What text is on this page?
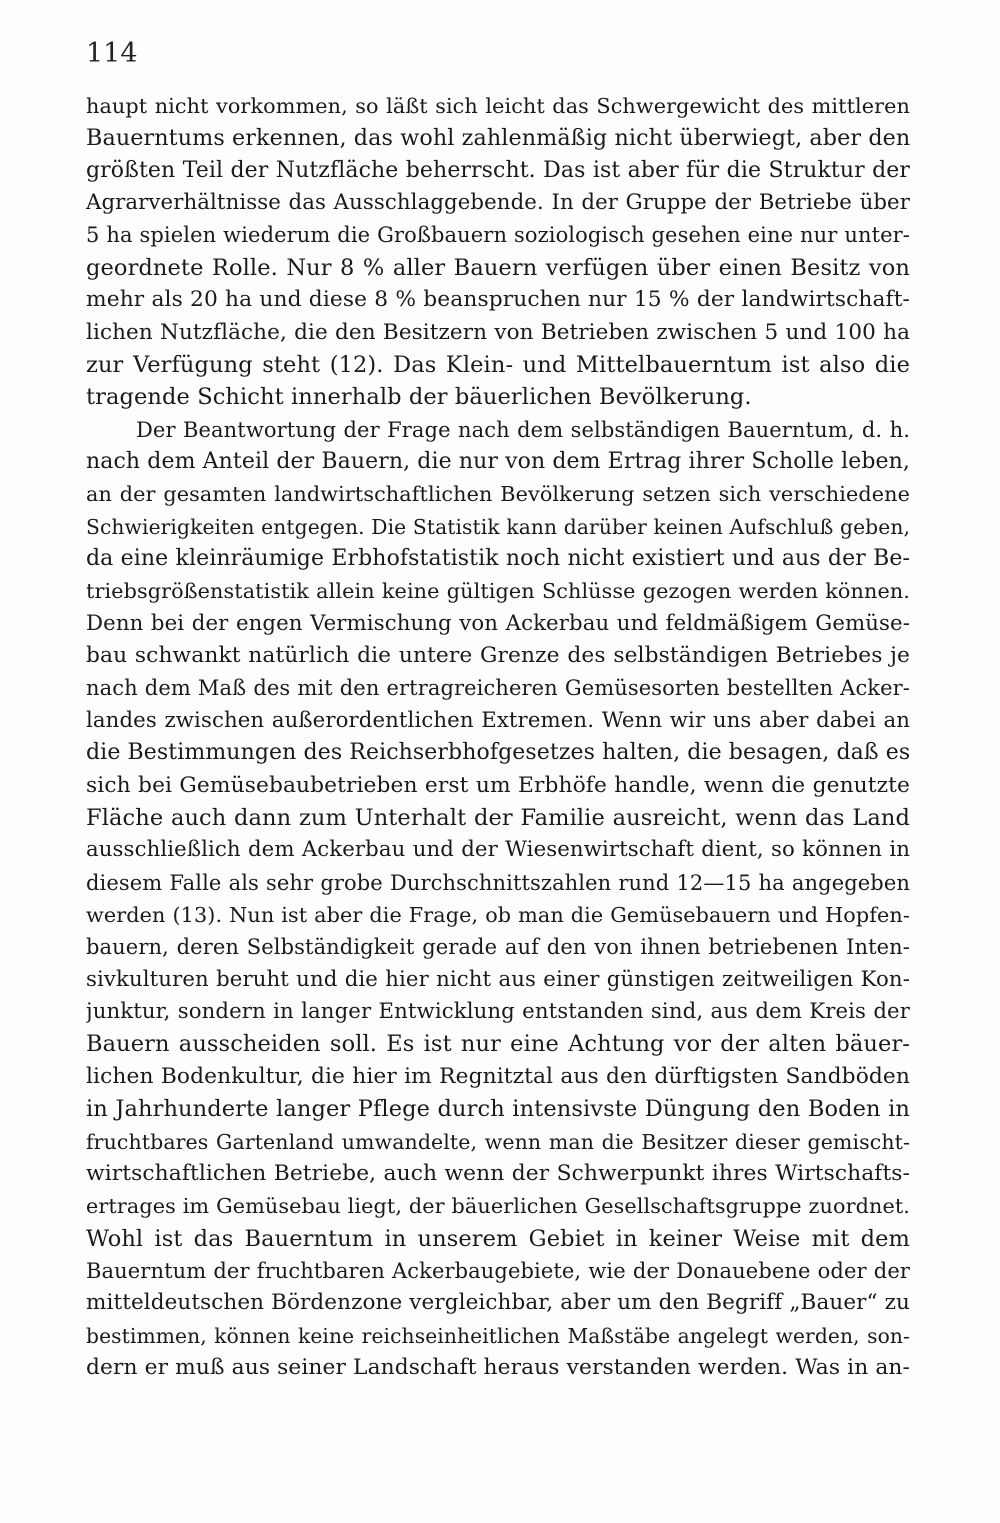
114

haupt nicht vorkommen, so läßt sich leicht das Schwergewicht des mittleren
Bauerntums erkennen, das wohl zahlenmäßig nicht überwiegt, aber den
größten Teil der Nutzfläche beherrscht. Das ist aber für die Struktur der
Agrarverhältnisse das Ausschlaggebende. In der Gruppe der Betriebe über
5 ha spielen wiederum die Großbauern soziologisch gesehen eine nur unter-
geordnete Rolle. Nur 8 % aller Bauern verfügen über einen Besitz von
mehr als 20 ha und diese 8 % beanspruchen nur 15 % der landwirtschaft-
lichen Nutzfläche, die den Besitzern von Betrieben zwischen 5 und 100 ha
zur Verfügung steht (12). Das Klein- und Mittelbauerntum ist also die
tragende Schicht innerhalb der bäuerlichen Bevölkerung.
Der Beantwortung der Frage nach dem selbständigen Bauerntum, d. h.
nach dem Anteil der Bauern, die nur von dem Ertrag ihrer Scholle leben,
an der gesamten landwirtschaftlichen Bevölkerung setzen sich verschiedene
Schwierigkeiten entgegen. Die Statistik kann darüber keinen Aufschluß geben,
da eine kleinräumige Erbhofstatistik noch nicht existiert und aus der Be-
triebsgrößenstatistik allein keine gültigen Schlüsse gezogen werden können.
Denn bei der engen Vermischung von Ackerbau und feldmäßigem Gemüse-
bau schwankt natürlich die untere Grenze des selbständigen Betriebes je
nach dem Maß des mit den ertragreicheren Gemüsesorten bestellten Acker-
landes zwischen außerordentlichen Extremen. Wenn wir uns aber dabei an
die Bestimmungen des Reichserbhofgesetzes halten, die besagen, daß es
sich bei Gemüsebaubetrieben erst um Erbhöfe handle, wenn die genutzte
Fläche auch dann zum Unterhalt der Familie ausreicht, wenn das Land
ausschließlich dem Ackerbau und der Wiesenwirtschaft dient, so können in
diesem Falle als sehr grobe Durchschnittszahlen rund 12—15 ha angegeben
werden (13). Nun ist aber die Frage, ob man die Gemüsebauern und Hopfen-
bauern, deren Selbständigkeit gerade auf den von ihnen betriebenen Inten-
sivkulturen beruht und die hier nicht aus einer günstigen zeitweiligen Kon-
junktur, sondern in langer Entwicklung entstanden sind, aus dem Kreis der
Bauern ausscheiden soll. Es ist nur eine Achtung vor der alten bäuer-
lichen Bodenkultur, die hier im Regnitztal aus den dürftigsten Sandböden
in Jahrhunderte langer Pflege durch intensivste Düngung den Boden in
fruchtbares Gartenland umwandelte, wenn man die Besitzer dieser gemischt-
wirtschaftlichen Betriebe, auch wenn der Schwerpunkt ihres Wirtschafts-
ertrages im Gemüsebau liegt, der bäuerlichen Gesellschaftsgruppe zuordnet.
Wohl ist das Bauerntum in unserem Gebiet in keiner Weise mit dem
Bauerntum der fruchtbaren Ackerbaugebiete, wie der Donauebene oder der
mitteldeutschen Bördenzone vergleichbar, aber um den Begriff „Bauer“ zu
bestimmen, können keine reichseinheitlichen Maßstäbe angelegt werden, son-
dern er muß aus seiner Landschaft heraus verstanden werden. Was in an-
